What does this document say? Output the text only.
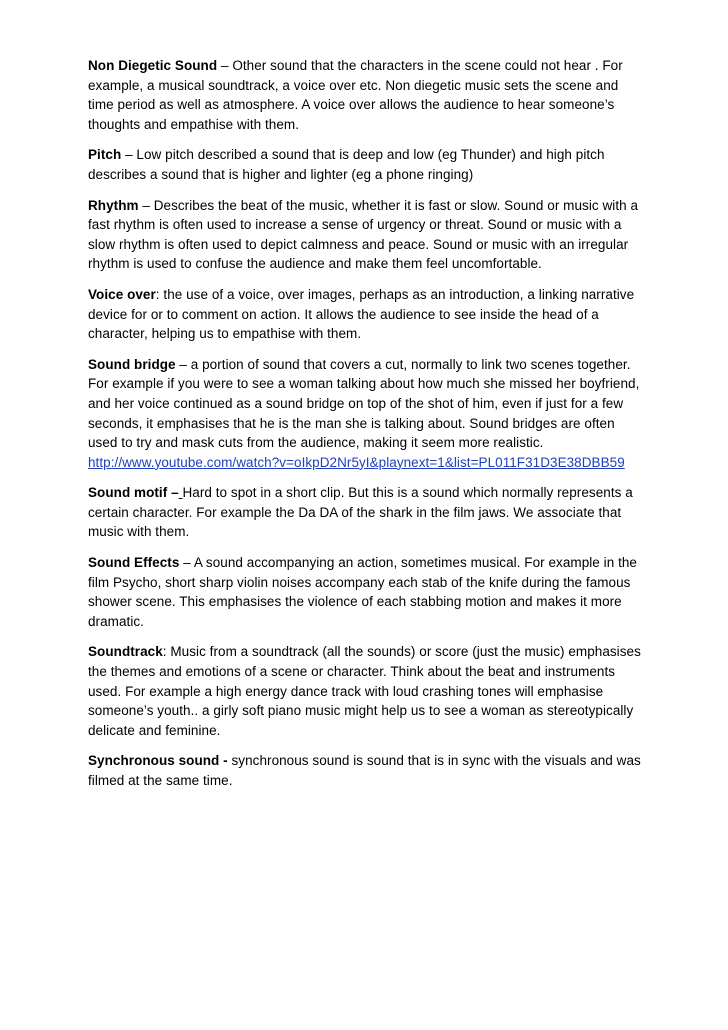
Non Diegetic Sound – Other sound that the characters in the scene could not hear . For example, a musical soundtrack, a voice over etc. Non diegetic music sets the scene and time period as well as atmosphere. A voice over allows the audience to hear someone’s thoughts and empathise with them.

Pitch – Low pitch described a sound that is deep and low (eg Thunder) and high pitch describes a sound that is higher and lighter (eg a phone ringing)

Rhythm – Describes the beat of the music, whether it is fast or slow. Sound or music with a fast rhythm is often used to increase a sense of urgency or threat. Sound or music with a slow rhythm is often used to depict calmness and peace. Sound or music with an irregular rhythm is used to confuse the audience and make them feel uncomfortable.

Voice over: the use of a voice, over images, perhaps as an introduction, a linking narrative device for or to comment on action. It allows the audience to see inside the head of a character, helping us to empathise with them.

Sound bridge – a portion of sound that covers a cut, normally to link two scenes together. For example if you were to see a woman talking about how much she missed her boyfriend, and her voice continued as a sound bridge on top of the shot of him, even if just for a few seconds, it emphasises that he is the man she is talking about. Sound bridges are often used to try and mask cuts from the audience, making it seem more realistic.
http://www.youtube.com/watch?v=oIkpD2Nr5yI&playnext=1&list=PL011F31D3E38DBB59

Sound motif – Hard to spot in a short clip. But this is a sound which normally represents a certain character. For example the Da DA of the shark in the film jaws. We associate that music with them.

Sound Effects – A sound accompanying an action, sometimes musical. For example in the film Psycho, short sharp violin noises accompany each stab of the knife during the famous shower scene. This emphasises the violence of each stabbing motion and makes it more dramatic.

Soundtrack: Music from a soundtrack (all the sounds) or score (just the music) emphasises the themes and emotions of a scene or character. Think about the beat and instruments used. For example a high energy dance track with loud crashing tones will emphasise someone’s youth.. a girly soft piano music might help us to see a woman as stereotypically delicate and feminine.

Synchronous sound - synchronous sound is sound that is in sync with the visuals and was filmed at the same time.
